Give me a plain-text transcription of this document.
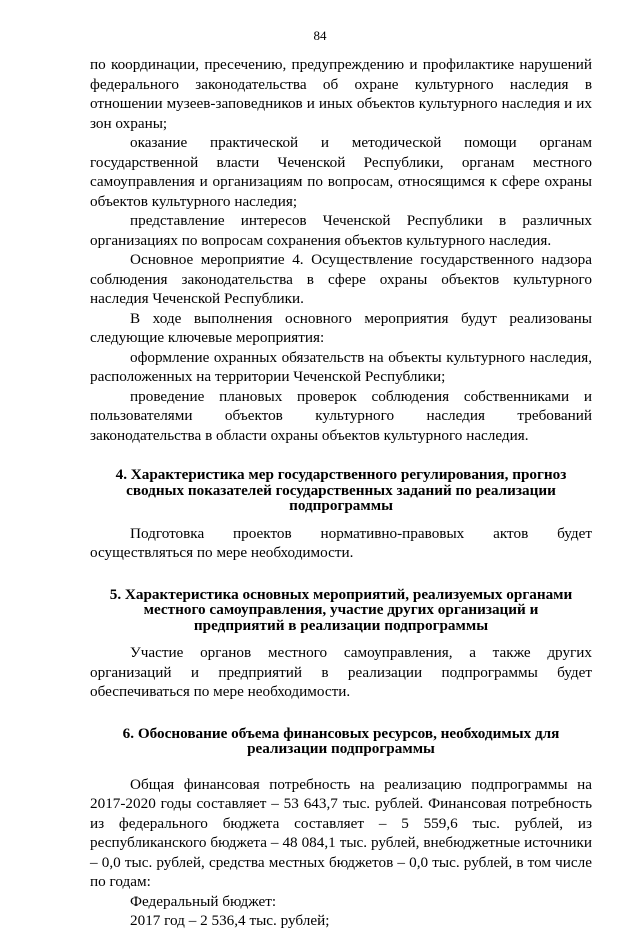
84

по координации, пресечению, предупреждению и профилактике нарушений федерального законодательства об охране культурного наследия в отношении музеев-заповедников и иных объектов культурного наследия и их зон охраны;

оказание практической и методической помощи органам государственной власти Чеченской Республики, органам местного самоуправления и организациям по вопросам, относящимся к сфере охраны объектов культурного наследия;

представление интересов Чеченской Республики в различных организациях по вопросам сохранения объектов культурного наследия.

Основное мероприятие 4. Осуществление государственного надзора соблюдения законодательства в сфере охраны объектов культурного наследия Чеченской Республики.

В ходе выполнения основного мероприятия будут реализованы следующие ключевые мероприятия:

оформление охранных обязательств на объекты культурного наследия, расположенных на территории Чеченской Республики;

проведение плановых проверок соблюдения собственниками и пользователями объектов культурного наследия требований законодательства в области охраны объектов культурного наследия.

4. Характеристика мер государственного регулирования, прогноз сводных показателей государственных заданий по реализации подпрограммы

Подготовка проектов нормативно-правовых актов будет осуществляться по мере необходимости.

5. Характеристика основных мероприятий, реализуемых органами местного самоуправления, участие других организаций и предприятий в реализации подпрограммы

Участие органов местного самоуправления, а также других организаций и предприятий в реализации подпрограммы будет обеспечиваться по мере необходимости.

6. Обоснование объема финансовых ресурсов, необходимых для реализации подпрограммы

Общая финансовая потребность на реализацию подпрограммы на 2017-2020 годы составляет – 53 643,7 тыс. рублей. Финансовая потребность из федерального бюджета составляет – 5 559,6 тыс. рублей, из республиканского бюджета – 48 084,1 тыс. рублей, внебюджетные источники – 0,0 тыс. рублей, средства местных бюджетов – 0,0 тыс. рублей, в том числе по годам:

Федеральный бюджет:

2017 год – 2 536,4 тыс. рублей;
